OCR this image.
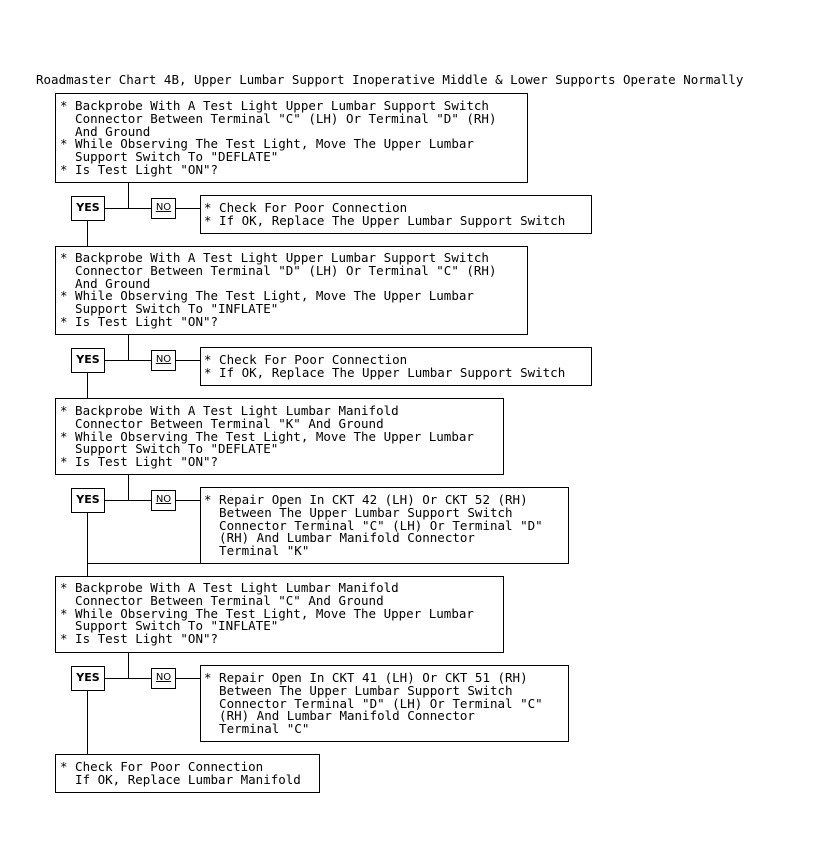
Roadmaster Chart 4B, Upper Lumbar Support Inoperative Middle & Lower Supports Operate Normally
* Backprobe With A Test Light Upper Lumbar Support Switch
Connector Between Terminal "C" (LH) Or Terminal "D" (RH)
And Ground
* While Observing The Test Light, Move The Upper Lumbar
Support Switch To "DEFLATE"
* Is Test Light "ON"?
YES	NO	* Check For Poor Connection
* If OK, Replace The Upper Lumbar Support Switch
* Backprobe With A Test Light Upper Lumbar Support Switch
Connector Between Terminal "D" (LH) Or Terminal "C" (RH)
And Ground
* While Observing The Test Light, Move The Upper Lumbar
Support Switch To "INFLATE"
* Is Test Light "ON"?
YES	NO	* Check For Poor Connection
* If OK, Replace The Upper Lumbar Support Switch
* Backprobe With A Test Light Lumbar Manifold
Connector Between Terminal "K" And Ground
* While Observing The Test Light, Move The Upper Lumbar
Support Switch To "DEFLATE"
* Is Test Light "ON"?
YES	NO	* Repair Open In CKT 42 (LH) Or CKT 52 (RH)
Between The Upper Lumbar Support Switch
Connector Terminal "C" (LH) Or Terminal "D"
(RH) And Lumbar Manifold Connector
Terminal "K"
* Backprobe With A Test Light Lumbar Manifold
Connector Between Terminal "C" And Ground
* While Observing The Test Light, Move The Upper Lumbar
Support Switch To "INFLATE"
* Is Test Light "ON"?
YES	NO	* Repair Open In CKT 41 (LH) Or CKT 51 (RH)
Between The Upper Lumbar Support Switch
Connector Terminal "D" (LH) Or Terminal "C"
(RH) And Lumbar Manifold Connector
Terminal "C"
* Check For Poor Connection
If OK, Replace Lumbar Manifold
